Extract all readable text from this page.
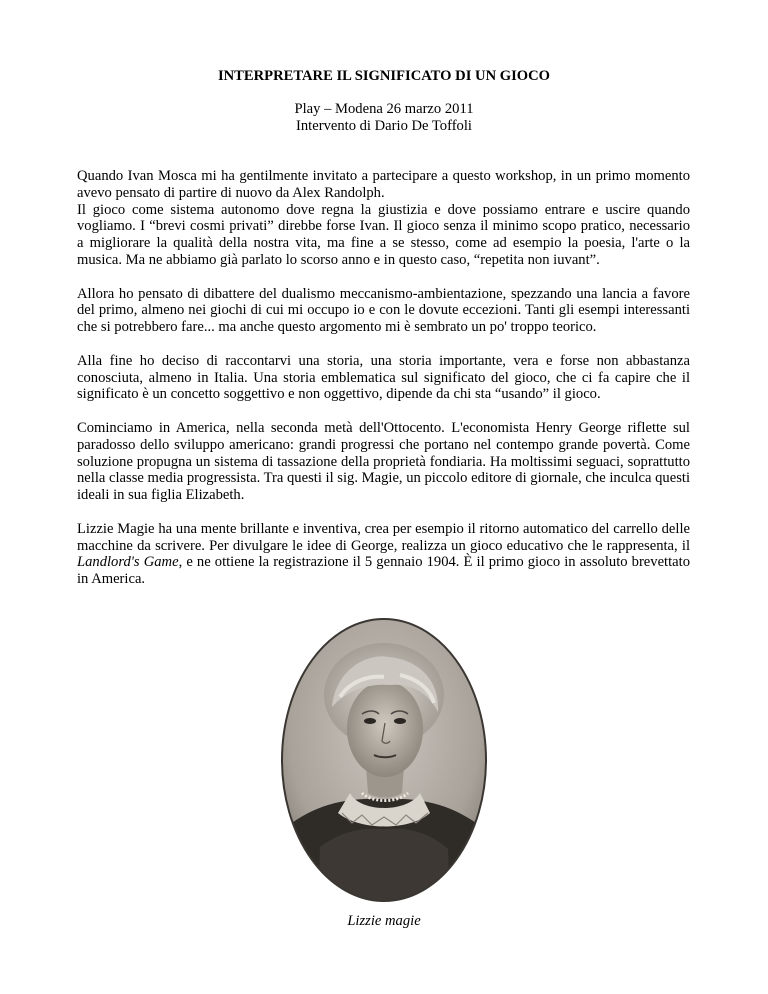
INTERPRETARE IL SIGNIFICATO DI UN GIOCO
Play – Modena 26 marzo 2011
Intervento di Dario De Toffoli

Quando Ivan Mosca mi ha gentilmente invitato a partecipare a questo workshop, in un primo momento avevo pensato di partire di nuovo da Alex Randolph.
Il gioco come sistema autonomo dove regna la giustizia e dove possiamo entrare e uscire quando vogliamo. I “brevi cosmi privati” direbbe forse Ivan. Il gioco senza il minimo scopo pratico, necessario a migliorare la qualità della nostra vita, ma fine a se stesso, come ad esempio la poesia, l'arte o la musica. Ma ne abbiamo già parlato lo scorso anno e in questo caso, “repetita non iuvant”.

Allora ho pensato di dibattere del dualismo meccanismo-ambientazione, spezzando una lancia a favore del primo, almeno nei giochi di cui mi occupo io e con le dovute eccezioni. Tanti gli esempi interessanti che si potrebbero fare... ma anche questo argomento mi è sembrato un po' troppo teorico.

Alla fine ho deciso di raccontarvi una storia, una storia importante, vera e forse non abbastanza conosciuta, almeno in Italia. Una storia emblematica sul significato del gioco, che ci fa capire che il significato è un concetto soggettivo e non oggettivo, dipende da chi sta “usando” il gioco.

Cominciamo in America, nella seconda metà dell'Ottocento. L'economista Henry George riflette sul paradosso dello sviluppo americano: grandi progressi che portano nel contempo grande povertà. Come soluzione propugna un sistema di tassazione della proprietà fondiaria. Ha moltissimi seguaci, soprattutto nella classe media progressista. Tra questi il sig. Magie, un piccolo editore di giornale, che inculca questi ideali in sua figlia Elizabeth.

Lizzie Magie ha una mente brillante e inventiva, crea per esempio il ritorno automatico del carrello delle macchine da scrivere. Per divulgare le idee di George, realizza un gioco educativo che le rappresenta, il Landlord's Game, e ne ottiene la registrazione il 5 gennaio 1904. È il primo gioco in assoluto brevettato in America.

Lizzie magie
